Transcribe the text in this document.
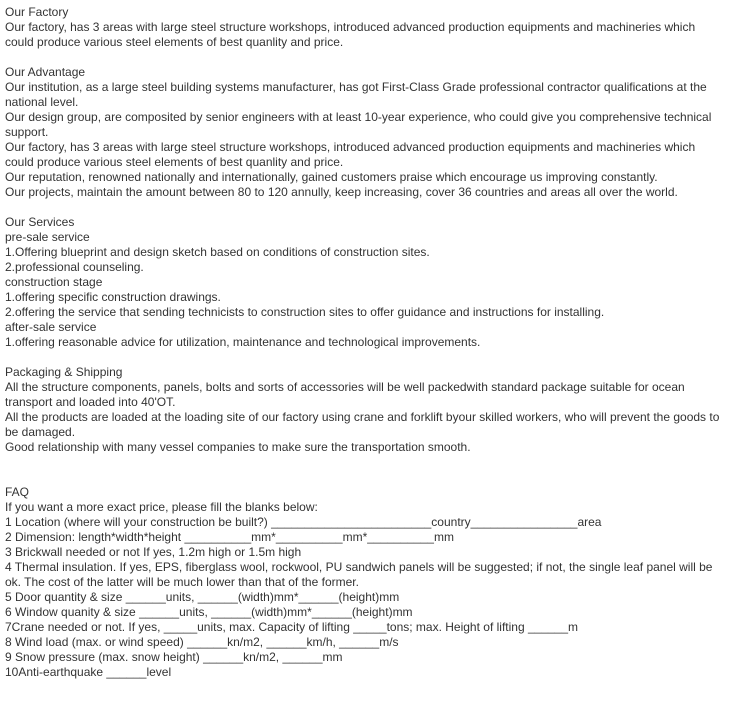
Our Factory
Our factory, has 3 areas with large steel structure workshops, introduced advanced production equipments and machineries which could produce various steel elements of best quanlity and price.
Our Advantage
Our institution, as a large steel building systems manufacturer, has got First-Class Grade professional contractor qualifications at the national level.
Our design group, are composited by senior engineers with at least 10-year experience, who could give you comprehensive technical support.
Our factory, has 3 areas with large steel structure workshops, introduced advanced production equipments and machineries which could produce various steel elements of best quanlity and price.
Our reputation, renowned nationally and internationally, gained customers praise which encourage us improving constantly.
Our projects, maintain the amount between 80 to 120 annully, keep increasing, cover 36 countries and areas all over the world.
Our Services
pre-sale service
1.Offering blueprint and design sketch based on conditions of construction sites.
2.professional counseling.
construction stage
1.offering specific construction drawings.
2.offering the service that sending technicists to construction sites to offer guidance and instructions for installing.
after-sale service
1.offering reasonable advice for utilization, maintenance and technological improvements.
Packaging & Shipping
All the structure components, panels, bolts and sorts of accessories will be well packedwith standard package suitable for ocean transport and loaded into 40'OT.
All the products are loaded at the loading site of our factory using crane and forklift byour skilled workers, who will prevent the goods to be damaged.
Good relationship with many vessel companies to make sure the transportation smooth.
FAQ
If you want a more exact price, please fill the blanks below:
1 Location (where will your construction be built?) ________________________country________________area
2 Dimension: length*width*height __________mm*__________mm*__________mm
3 Brickwall needed or not If yes, 1.2m high or 1.5m high
4 Thermal insulation. If yes, EPS, fiberglass wool, rockwool, PU sandwich panels will be suggested; if not, the single leaf panel will be ok. The cost of the latter will be much lower than that of the former.
5 Door quantity & size ______units, ______(width)mm*______(height)mm
6 Window quanity & size ______units, ______(width)mm*______(height)mm
7Crane needed or not. If yes, _____units, max. Capacity of lifting _____tons; max. Height of lifting ______m
8 Wind load (max. or wind speed) ______kn/m2, ______km/h, ______m/s
9 Snow pressure (max. snow height) ______kn/m2, ______mm
10Anti-earthquake ______level
